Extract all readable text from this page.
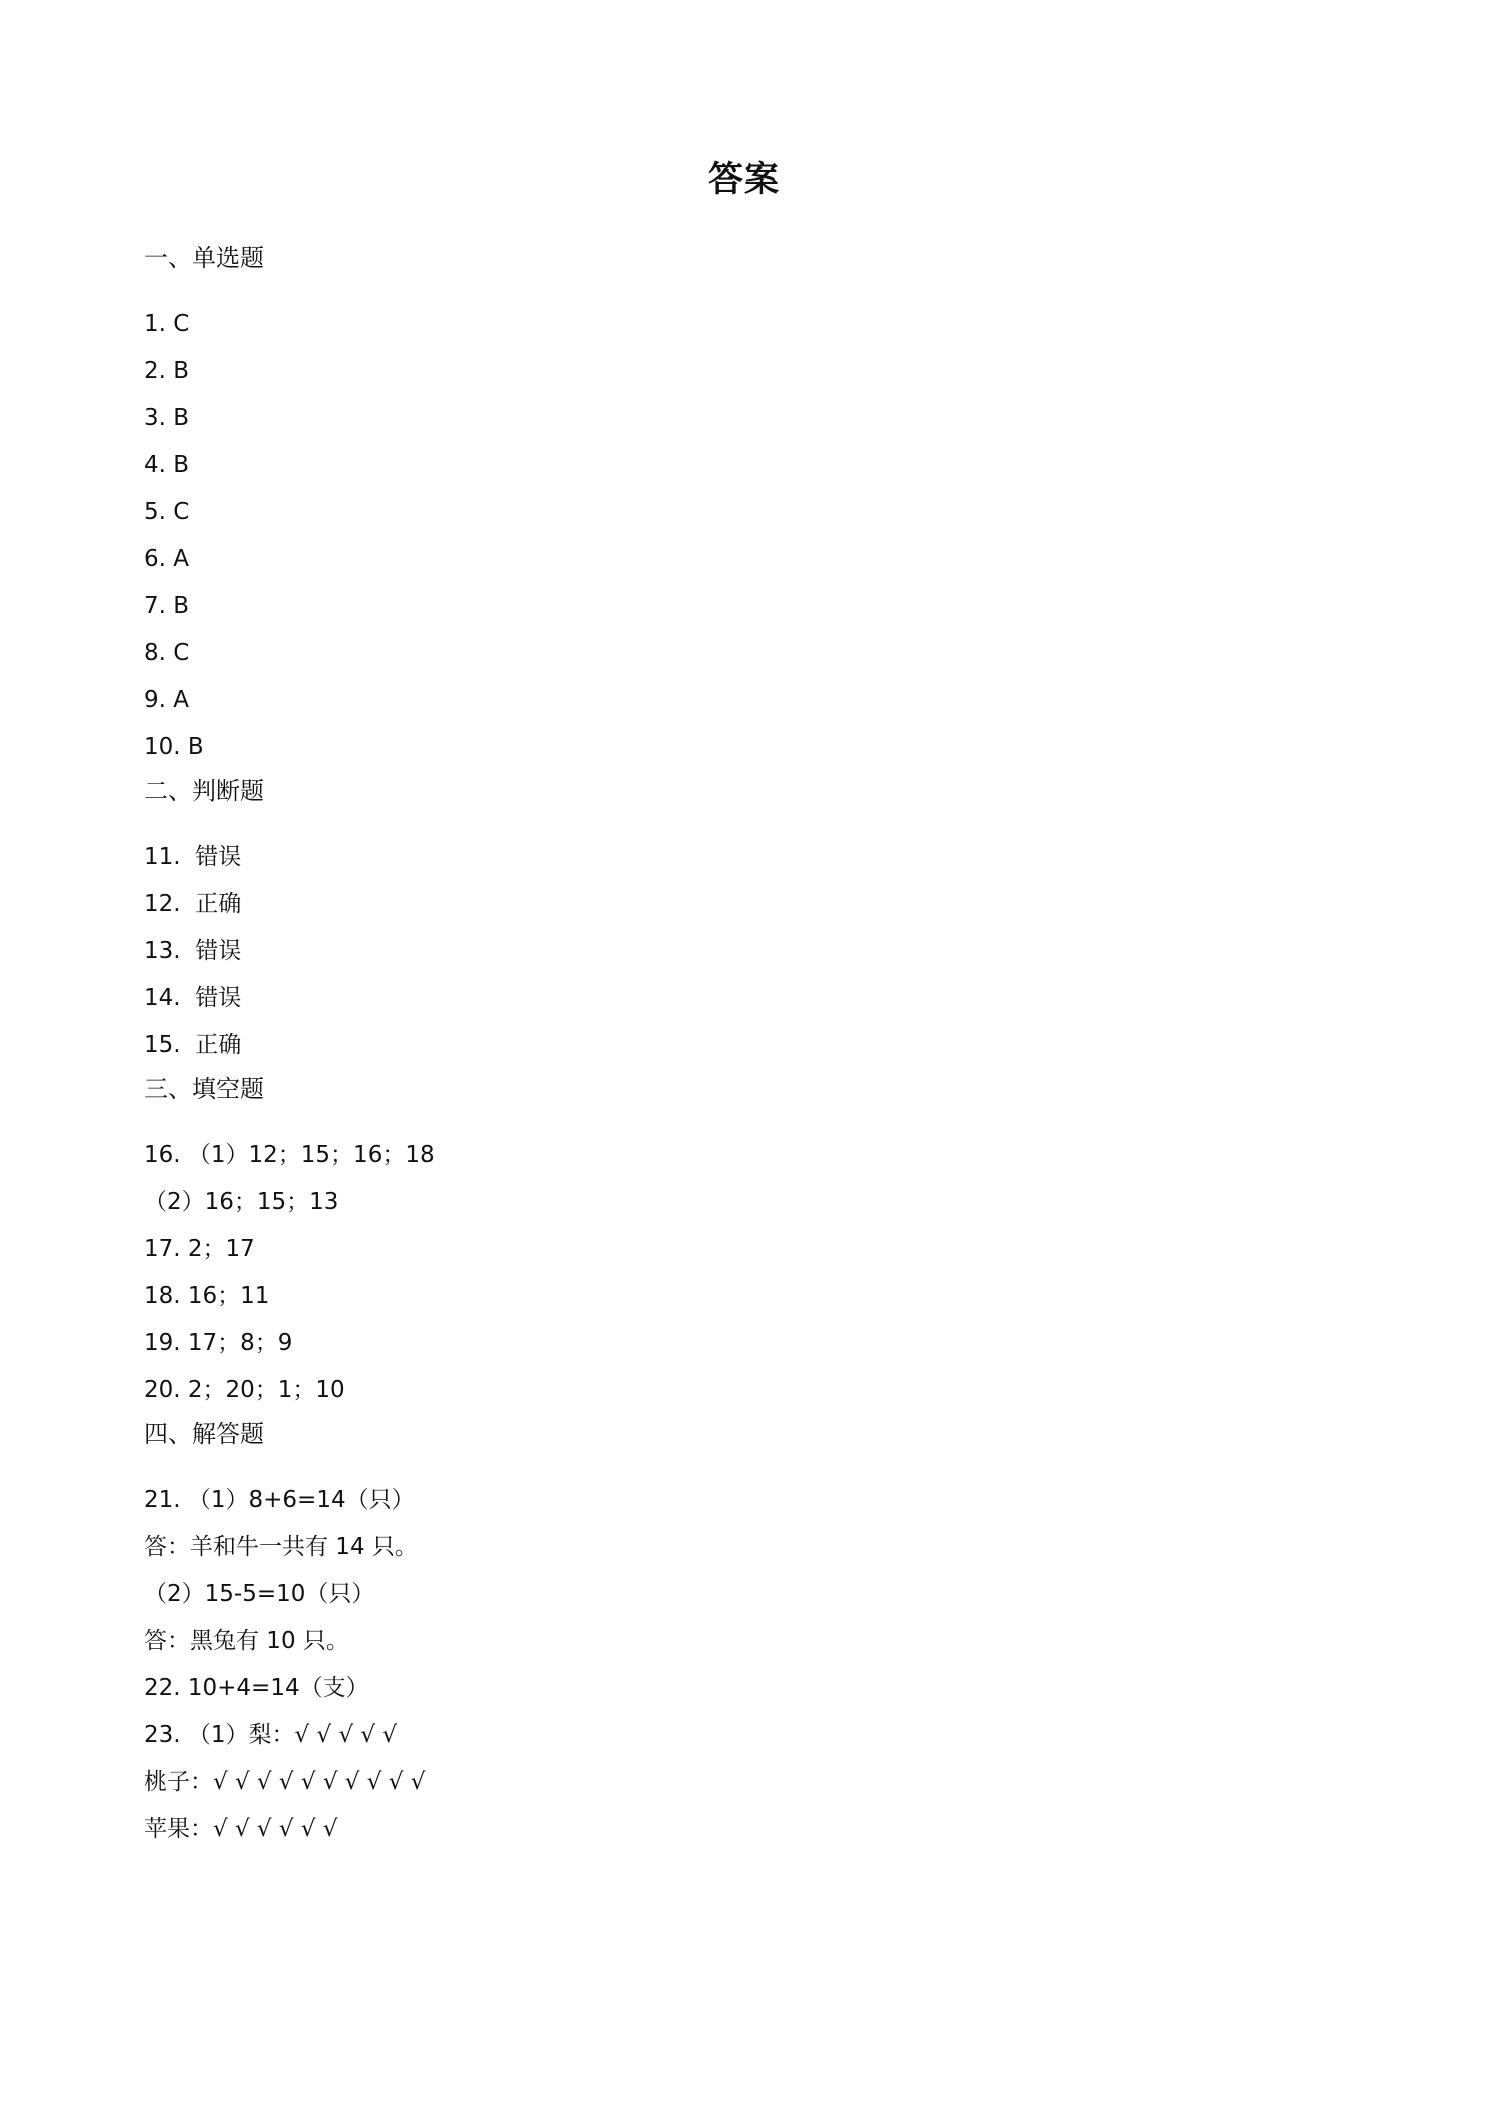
答案
一、单选题
1. C
2. B
3. B
4. B
5. C
6. A
7. B
8. C
9. A
10. B
二、判断题
11.  错误
12.  正确
13.  错误
14.  错误
15.  正确
三、填空题
16. （1）12；15；16；18
（2）16；15；13
17. 2；17
18. 16；11
19. 17；8；9
20. 2；20；1；10
四、解答题
21. （1）8+6=14（只）
答：羊和牛一共有 14 只。
（2）15-5=10（只）
答：黑兔有 10 只。
22. 10+4=14（支）
23. （1）梨：√ √ √ √ √
桃子：√ √ √ √ √ √ √ √ √ √
苹果：√ √ √ √ √ √
